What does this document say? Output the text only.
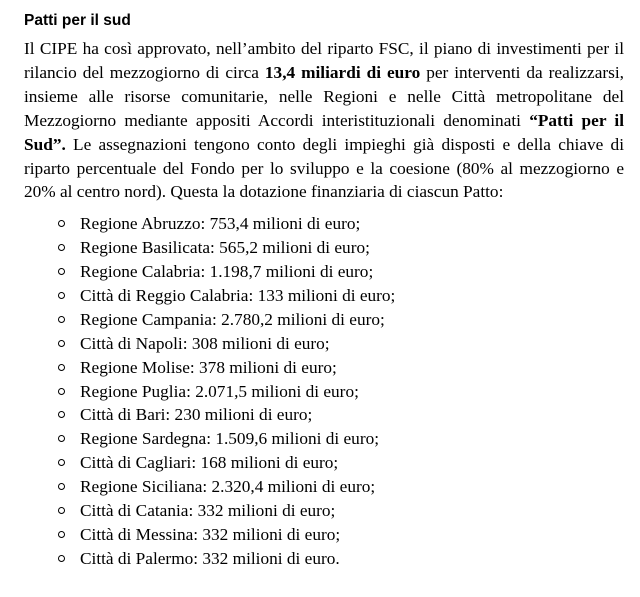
Patti per il sud

Il CIPE ha così approvato, nell’ambito del riparto FSC, il piano di investimenti per il rilancio del mezzogiorno di circa 13,4 miliardi di euro per interventi da realizzarsi, insieme alle risorse comunitarie, nelle Regioni e nelle Città metropolitane del Mezzogiorno mediante appositi Accordi interistituzionali denominati “Patti per il Sud”. Le assegnazioni tengono conto degli impieghi già disposti e della chiave di riparto percentuale del Fondo per lo sviluppo e la coesione (80% al mezzogiorno e 20% al centro nord). Questa la dotazione finanziaria di ciascun Patto:

Regione Abruzzo: 753,4 milioni di euro;
Regione Basilicata: 565,2 milioni di euro;
Regione Calabria: 1.198,7 milioni di euro;
Città di Reggio Calabria: 133 milioni di euro;
Regione Campania: 2.780,2 milioni di euro;
Città di Napoli: 308 milioni di euro;
Regione Molise: 378 milioni di euro;
Regione Puglia: 2.071,5 milioni di euro;
Città di Bari: 230 milioni di euro;
Regione Sardegna: 1.509,6 milioni di euro;
Città di Cagliari: 168 milioni di euro;
Regione Siciliana: 2.320,4 milioni di euro;
Città di Catania: 332 milioni di euro;
Città di Messina: 332 milioni di euro;
Città di Palermo: 332 milioni di euro.
